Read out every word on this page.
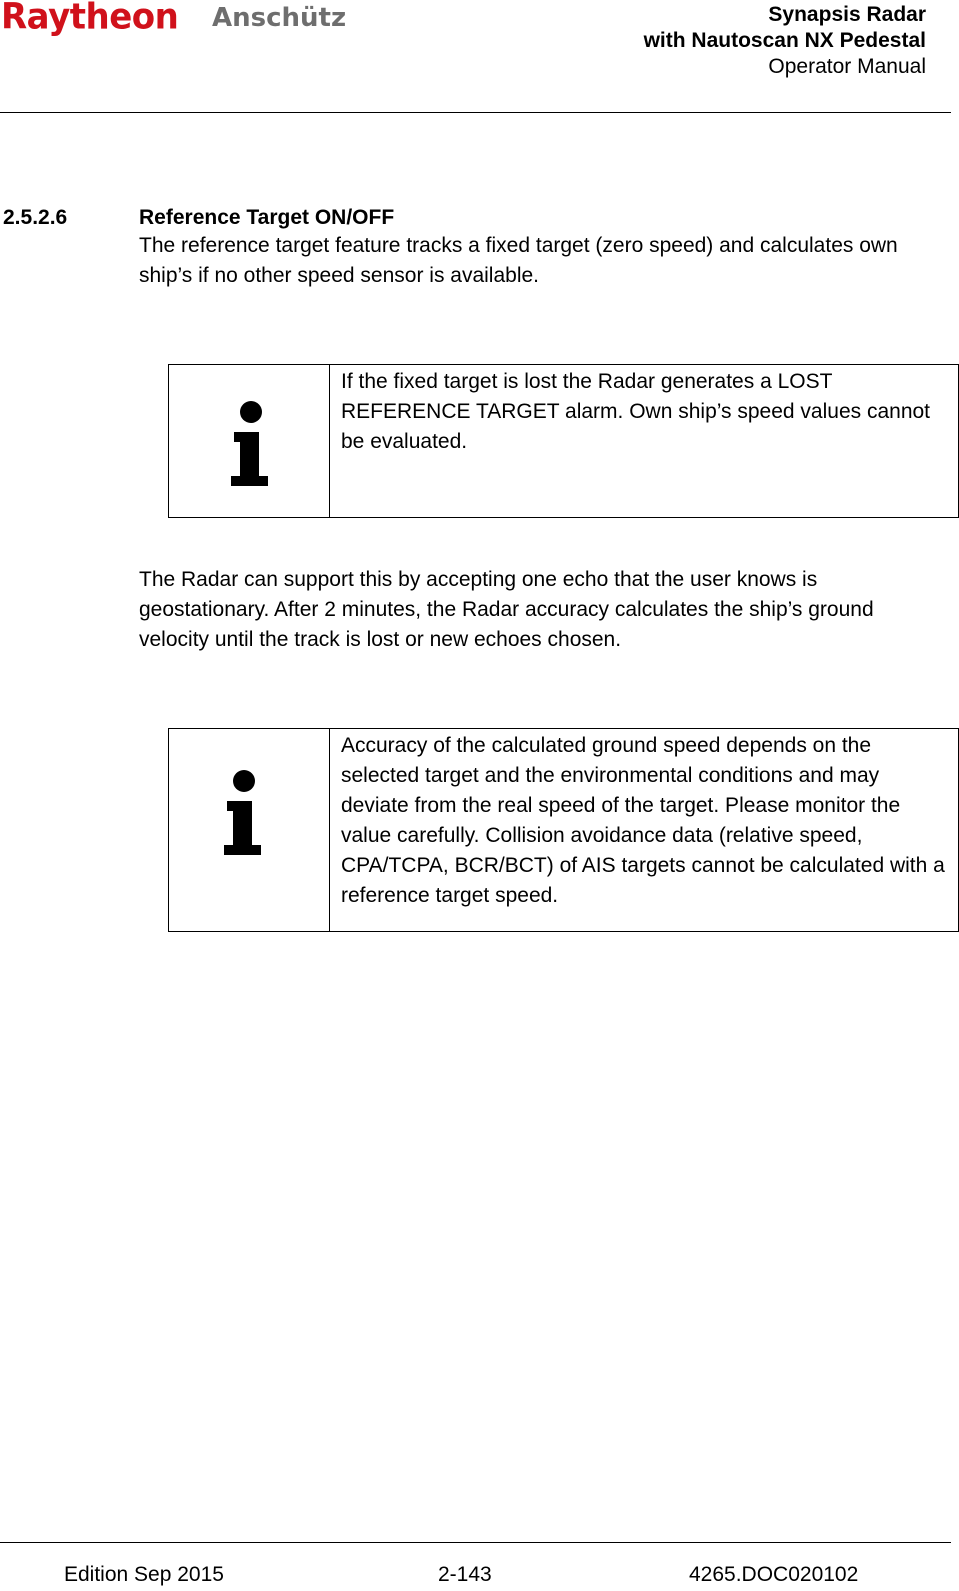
Raytheon Anschütz	Synapsis Radar
with Nautoscan NX Pedestal
Operator Manual
2.5.2.6	Reference Target ON/OFF
The reference target feature tracks a fixed target (zero speed) and calculates own ship’s if no other speed sensor is available.
If the fixed target is lost the Radar generates a LOST REFERENCE TARGET alarm. Own ship’s speed values cannot be evaluated.
The Radar can support this by accepting one echo that the user knows is geostationary. After 2 minutes, the Radar accuracy calculates the ship’s ground velocity until the track is lost or new echoes chosen.
Accuracy of the calculated ground speed depends on the selected target and the environmental conditions and may deviate from the real speed of the target. Please monitor the value carefully. Collision avoidance data (relative speed, CPA/TCPA, BCR/BCT) of AIS targets cannot be calculated with a reference target speed.
Edition Sep 2015	2-143	4265.DOC020102
